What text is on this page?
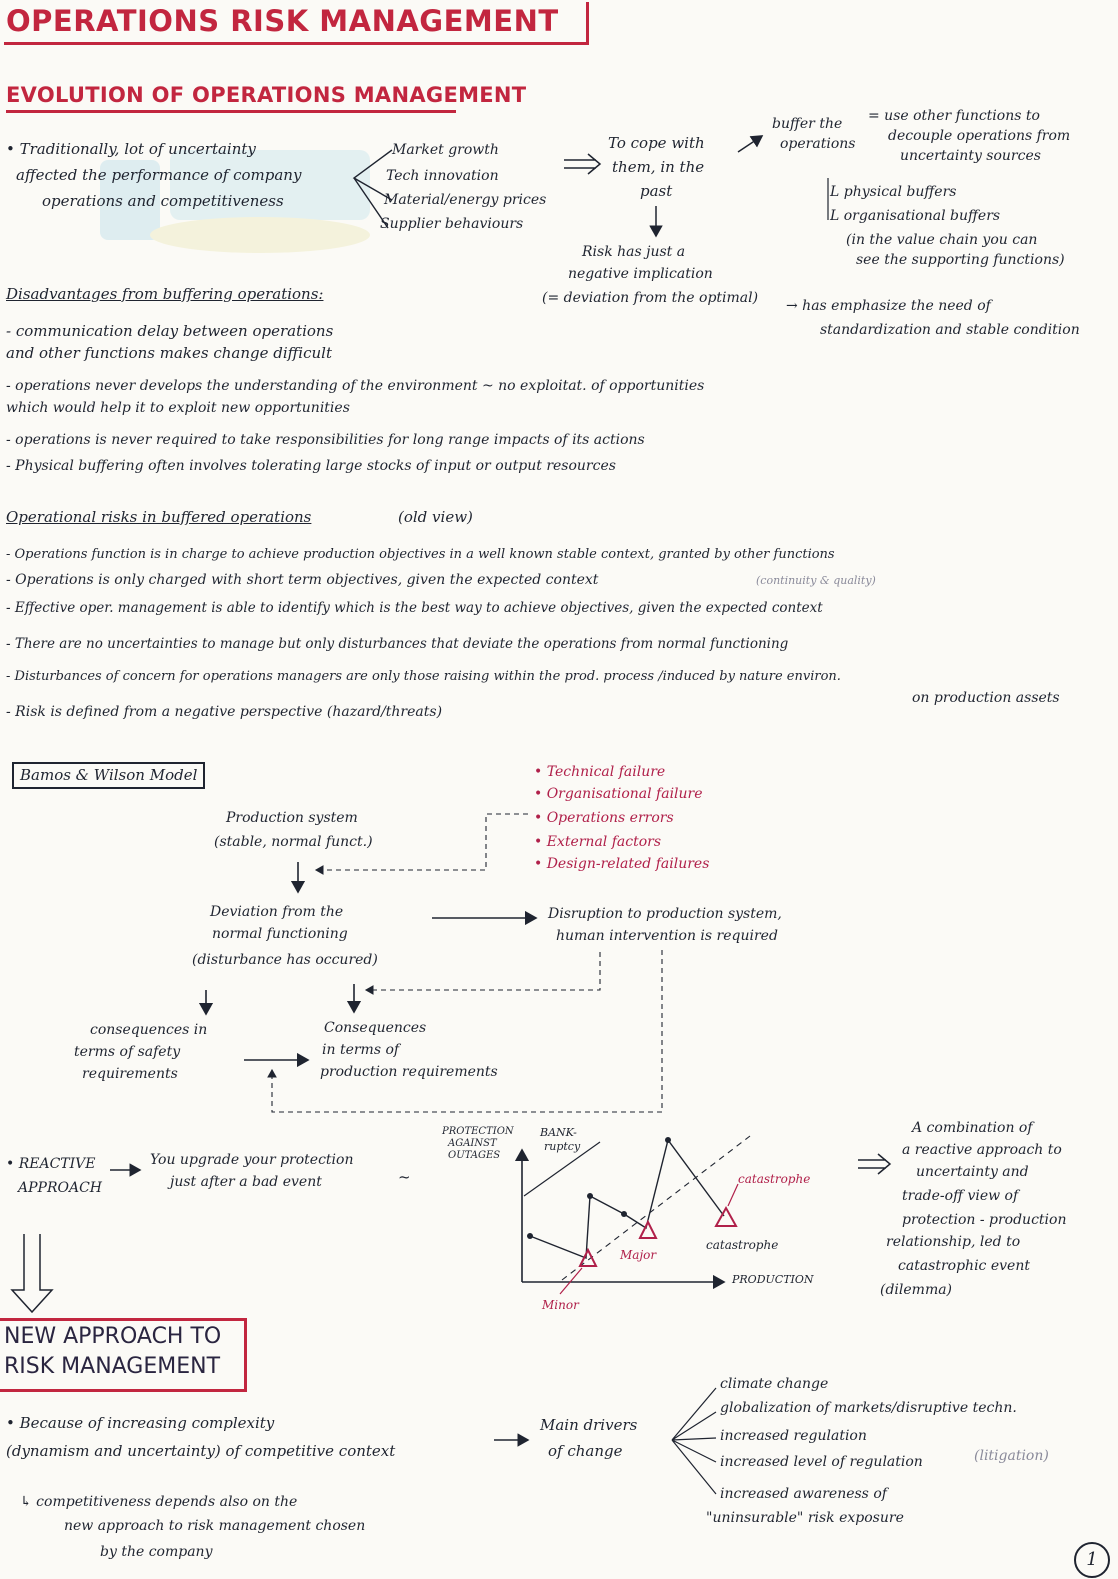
OPERATIONS RISK MANAGEMENT
EVOLUTION OF OPERATIONS MANAGEMENT
• Traditionally, lot of uncertainty
affected the performance of company
operations and competitiveness
Market growth
Tech innovation
Material/energy prices
Supplier behaviours
To cope with
them, in the
past
buffer the
operations
= use other functions to
decouple operations from
uncertainty sources
L physical buffers
L organisational buffers
(in the value chain you can
see the supporting functions)
Risk has just a
negative implication
(= deviation from the optimal) → has emphasize the need of
standardization and stable condition
Disadvantages from buffering operations:
- communication delay between operations
and other functions makes change difficult
- operations never develops the understanding of the environment ~ no exploitat. of opportunities
which would help it to exploit new opportunities
- operations is never required to take responsibilities for long range impacts of its actions
- Physical buffering often involves tolerating large stocks of input or output resources
Operational risks in buffered operations	(old view)
- Operations function is in charge to achieve production objectives in a well known stable context, granted by other functions
- Operations is only charged with short term objectives, given the expected context	(continuity & quality)
- Effective oper. management is able to identify which is the best way to achieve objectives, given the expected context
- There are no uncertainties to manage but only disturbances that deviate the operations from normal functioning
- Disturbances of concern for operations managers are only those raising within the prod. process /induced by nature environ.
on production assets
- Risk is defined from a negative perspective (hazard/threats)
Bamos & Wilson Model	• Technical failure
• Organisational failure
• Operations errors
• External factors
• Design-related failures
Production system
(stable, normal funct.)
Deviation from the
normal functioning
(disturbance has occured)
Disruption to production system,
human intervention is required
consequences in
terms of safety
requirements
Consequences
in terms of
production requirements
• REACTIVE
APPROACH
You upgrade your protection
just after a bad event	~
PROTECTION
AGAINST
OUTAGES
BANK-
ruptcy
PRODUCTION
Minor
Major
catastrophe
catastrophe
A combination of
a reactive approach to
uncertainty and
trade-off view of
protection - production
relationship, led to
catastrophic event
(dilemma)
NEW APPROACH TO
RISK MANAGEMENT
• Because of increasing complexity
(dynamism and uncertainty) of competitive context
Main drivers
of change
climate change
globalization of markets/disruptive techn.
increased regulation
increased level of regulation	(litigation)
increased awareness of
"uninsurable" risk exposure
↳ competitiveness depends also on the
new approach to risk management chosen
by the company	1
